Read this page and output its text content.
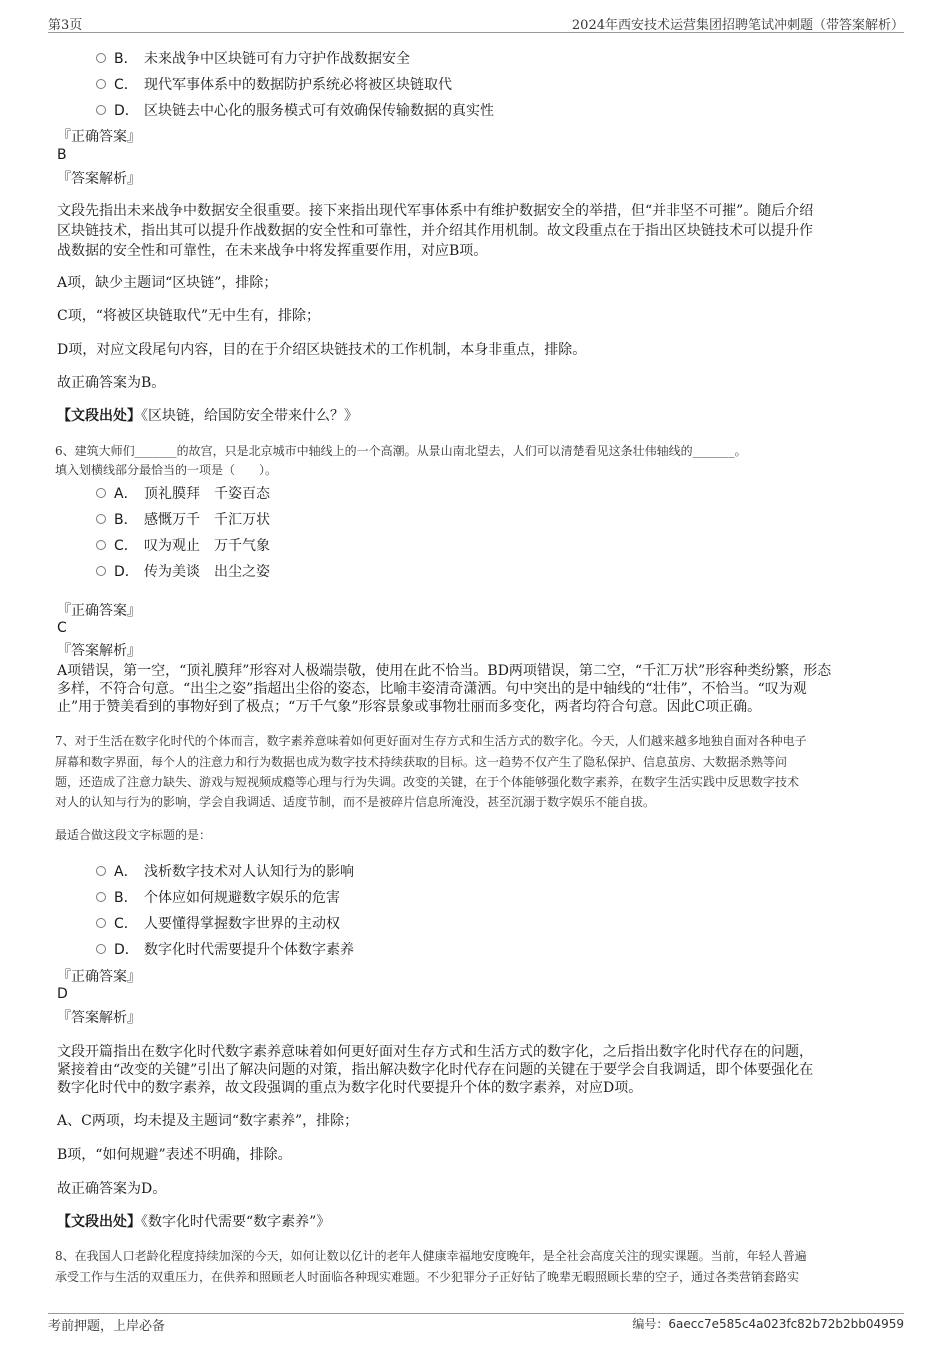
第3页	2024年西安技术运营集团招聘笔试冲刺题（带答案解析）
B． 未来战争中区块链可有力守护作战数据安全
C． 现代军事体系中的数据防护系统必将被区块链取代
D． 区块链去中心化的服务模式可有效确保传输数据的真实性
『正确答案』
B
『答案解析』
文段先指出未来战争中数据安全很重要。接下来指出现代军事体系中有维护数据安全的举措，但“并非坚不可摧”。随后介绍
区块链技术，指出其可以提升作战数据的安全性和可靠性，并介绍其作用机制。故文段重点在于指出区块链技术可以提升作
战数据的安全性和可靠性，在未来战争中将发挥重要作用，对应B项。
A项，缺少主题词“区块链”，排除；
C项，“将被区块链取代”无中生有，排除；
D项，对应文段尾句内容，目的在于介绍区块链技术的工作机制，本身非重点，排除。
故正确答案为B。
【文段出处】《区块链，给国防安全带来什么？》
6、建筑大师们_______的故宫，只是北京城市中轴线上的一个高潮。从景山南北望去，人们可以清楚看见这条壮伟轴线的_______。
填入划横线部分最恰当的一项是（　　）。
A． 顶礼膜拜　千姿百态
B． 感慨万千　千汇万状
C． 叹为观止　万千气象
D． 传为美谈　出尘之姿
『正确答案』
C
『答案解析』
A项错误，第一空，“顶礼膜拜”形容对人极端崇敬，使用在此不恰当。BD两项错误，第二空，“千汇万状”形容种类纷繁，形态
多样，不符合句意。“出尘之姿”指超出尘俗的姿态，比喻丰姿清奇潇洒。句中突出的是中轴线的“壮伟”，不恰当。“叹为观
止”用于赞美看到的事物好到了极点；“万千气象”形容景象或事物壮丽而多变化，两者均符合句意。因此C项正确。
7、对于生活在数字化时代的个体而言，数字素养意味着如何更好面对生存方式和生活方式的数字化。今天，人们越来越多地独自面对各种电子
屏幕和数字界面，每个人的注意力和行为数据也成为数字技术持续获取的目标。这一趋势不仅产生了隐私保护、信息茧房、大数据杀熟等问
题，还造成了注意力缺失、游戏与短视频成瘾等心理与行为失调。改变的关键，在于个体能够强化数字素养，在数字生活实践中反思数字技术
对人的认知与行为的影响，学会自我调适、适度节制，而不是被碎片信息所淹没，甚至沉溺于数字娱乐不能自拔。
最适合做这段文字标题的是：
A． 浅析数字技术对人认知行为的影响
B． 个体应如何规避数字娱乐的危害
C． 人要懂得掌握数字世界的主动权
D． 数字化时代需要提升个体数字素养
『正确答案』
D
『答案解析』
文段开篇指出在数字化时代数字素养意味着如何更好面对生存方式和生活方式的数字化，之后指出数字化时代存在的问题，
紧接着由“改变的关键”引出了解决问题的对策，指出解决数字化时代存在问题的关键在于要学会自我调适，即个体要强化在
数字化时代中的数字素养，故文段强调的重点为数字化时代要提升个体的数字素养，对应D项。
A、C两项，均未提及主题词“数字素养”，排除；
B项，“如何规避”表述不明确，排除。
故正确答案为D。
【文段出处】《数字化时代需要“数字素养”》
8、在我国人口老龄化程度持续加深的今天，如何让数以亿计的老年人健康幸福地安度晚年，是全社会高度关注的现实课题。当前，年轻人普遍
承受工作与生活的双重压力，在供养和照顾老人时面临各种现实难题。不少犯罪分子正好钻了晚辈无暇照顾长辈的空子，通过各类营销套路实
考前押题，上岸必备	编号：6aecc7e585c4a023fc82b72b2bb04959
